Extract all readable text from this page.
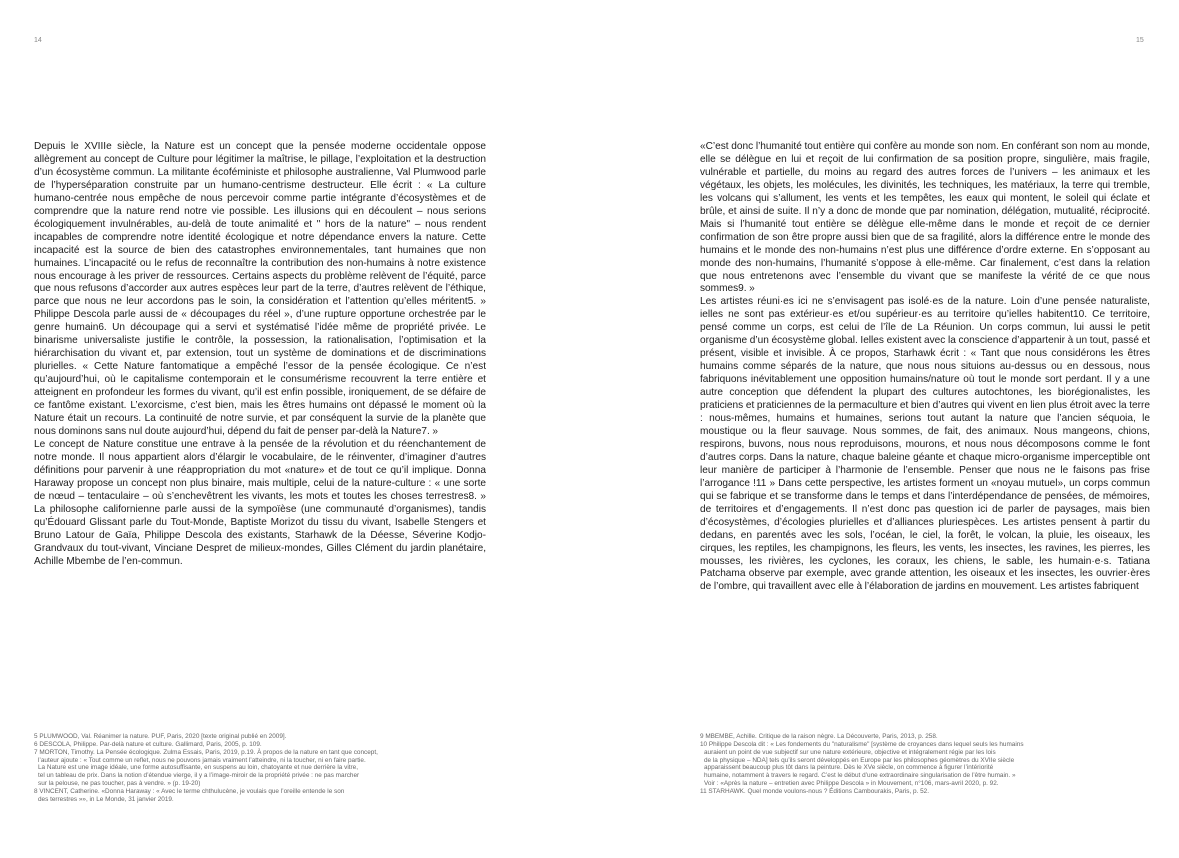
14

Depuis le XVIIIe siècle, la Nature est un concept que la pensée moderne occidentale oppose allègrement au concept de Culture pour légitimer la maîtrise, le pillage, l’exploitation et la destruction d’un écosystème commun. La militante écoféministe et philosophe australienne, Val Plumwood parle de l’hyperséparation construite par un humano-centrisme destructeur. Elle écrit : « La culture humano-centrée nous empêche de nous percevoir comme partie intégrante d’écosystèmes et de comprendre que la nature rend notre vie possible. Les illusions qui en découlent – nous serions écologiquement invulnérables, au-delà de toute animalité et " hors de la nature" – nous rendent incapables de comprendre notre identité écologique et notre dépendance envers la nature. Cette incapacité est la source de bien des catastrophes environnementales, tant humaines que non humaines. L’incapacité ou le refus de reconnaître la contribution des non-humains à notre existence nous encourage à les priver de ressources. Certains aspects du problème relèvent de l’équité, parce que nous refusons d’accorder aux autres espèces leur part de la terre, d’autres relèvent de l’éthique, parce que nous ne leur accordons pas le soin, la considération et l’attention qu’elles méritent5. » Philippe Descola parle aussi de « découpages du réel », d’une rupture opportune orchestrée par le genre humain6. Un découpage qui a servi et systématisé l’idée même de propriété privée. Le binarisme universaliste justifie le contrôle, la possession, la rationalisation, l’optimisation et la hiérarchisation du vivant et, par extension, tout un système de dominations et de discriminations plurielles. « Cette Nature fantomatique a empêché l’essor de la pensée écologique. Ce n’est qu’aujourd’hui, où le capitalisme contemporain et le consumérisme recouvrent la terre entière et atteignent en profondeur les formes du vivant, qu’il est enfin possible, ironiquement, de se défaire de ce fantôme existant. L’exorcisme, c’est bien, mais les êtres humains ont dépassé le moment où la Nature était un recours. La continuité de notre survie, et par conséquent la survie de la planète que nous dominons sans nul doute aujourd’hui, dépend du fait de penser par-delà la Nature7. »

Le concept de Nature constitue une entrave à la pensée de la révolution et du réenchantement de notre monde. Il nous appartient alors d’élargir le vocabulaire, de le réinventer, d’imaginer d’autres définitions pour parvenir à une réappropriation du mot «nature» et de tout ce qu’il implique. Donna Haraway propose un concept non plus binaire, mais multiple, celui de la nature-culture : « une sorte de nœud – tentaculaire – où s’enchevêtrent les vivants, les mots et toutes les choses terrestres8. » La philosophe californienne parle aussi de la sympoïèse (une communauté d’organismes), tandis qu’Édouard Glissant parle du Tout-Monde, Baptiste Morizot du tissu du vivant, Isabelle Stengers et Bruno Latour de Gaïa, Philippe Descola des existants, Starhawk de la Déesse, Séverine Kodjo-Grandvaux du tout-vivant, Vinciane Despret de milieux-mondes, Gilles Clément du jardin planétaire, Achille Mbembe de l’en-commun.

5 PLUMWOOD, Val. Réanimer la nature. PUF, Paris, 2020 [texte original publié en 2009].

6 DESCOLA, Philippe. Par-delà nature et culture. Gallimard, Paris, 2005, p. 109.

7 MORTON, Timothy. La Pensée écologique. Zulma Essais, Paris, 2019, p.19. À propos de la nature en tant que concept,

l’auteur ajoute : « Tout comme un reflet, nous ne pouvons jamais vraiment l’atteindre, ni la toucher, ni en faire partie.

La Nature est une image idéale, une forme autosuffisante, en suspens au loin, chatoyante et nue derrière la vitre,

tel un tableau de prix. Dans la notion d’étendue vierge, il y a l’image-miroir de la propriété privée : ne pas marcher

sur la pelouse, ne pas toucher, pas à vendre. » (p. 19-20)

8 VINCENT, Catherine. «Donna Haraway : « Avec le terme chthulucène, je voulais que l’oreille entende le son

des terrestres »», in Le Monde, 31 janvier 2019.

15

«C’est donc l’humanité tout entière qui confère au monde son nom. En conférant son nom au monde, elle se délègue en lui et reçoit de lui confirmation de sa position propre, singulière, mais fragile, vulnérable et partielle, du moins au regard des autres forces de l’univers – les animaux et les végétaux, les objets, les molécules, les divinités, les techniques, les matériaux, la terre qui tremble, les volcans qui s’allument, les vents et les tempêtes, les eaux qui montent, le soleil qui éclate et brûle, et ainsi de suite. Il n’y a donc de monde que par nomination, délégation, mutualité, réciprocité. Mais si l’humanité tout entière se délègue elle-même dans le monde et reçoit de ce dernier confirmation de son être propre aussi bien que de sa fragilité, alors la différence entre le monde des humains et le monde des non-humains n’est plus une différence d’ordre externe. En s’opposant au monde des non-humains, l’humanité s’oppose à elle-même. Car finalement, c’est dans la relation que nous entretenons avec l’ensemble du vivant que se manifeste la vérité de ce que nous sommes9. »

Les artistes réuni·es ici ne s’envisagent pas isolé·es de la nature. Loin d’une pensée naturaliste, ielles ne sont pas extérieur·es et/ou supérieur·es au territoire qu’ielles habitent10. Ce territoire, pensé comme un corps, est celui de l’île de La Réunion. Un corps commun, lui aussi le petit organisme d’un écosystème global. Ielles existent avec la conscience d’appartenir à un tout, passé et présent, visible et invisible. À ce propos, Starhawk écrit : « Tant que nous considérons les êtres humains comme séparés de la nature, que nous nous situions au-dessus ou en dessous, nous fabriquons inévitablement une opposition humains/nature où tout le monde sort perdant. Il y a une autre conception que défendent la plupart des cultures autochtones, les biorégionalistes, les praticiens et praticiennes de la permaculture et bien d’autres qui vivent en lien plus étroit avec la terre : nous-mêmes, humains et humaines, serions tout autant la nature que l’ancien séquoia, le moustique ou la fleur sauvage. Nous sommes, de fait, des animaux. Nous mangeons, chions, respirons, buvons, nous nous reproduisons, mourons, et nous nous décomposons comme le font d’autres corps. Dans la nature, chaque baleine géante et chaque micro-organisme imperceptible ont leur manière de participer à l’harmonie de l’ensemble. Penser que nous ne le faisons pas frise l’arrogance !11 » Dans cette perspective, les artistes forment un «noyau mutuel», un corps commun qui se fabrique et se transforme dans le temps et dans l’interdépendance de pensées, de mémoires, de territoires et d’engagements. Il n’est donc pas question ici de parler de paysages, mais bien d’écosystèmes, d’écologies plurielles et d’alliances pluriespèces. Les artistes pensent à partir du dedans, en parentés avec les sols, l’océan, le ciel, la forêt, le volcan, la pluie, les oiseaux, les cirques, les reptiles, les champignons, les fleurs, les vents, les insectes, les ravines, les pierres, les mousses, les rivières, les cyclones, les coraux, les chiens, le sable, les humain·e·s. Tatiana Patchama observe par exemple, avec grande attention, les oiseaux et les insectes, les ouvrier·ères de l’ombre, qui travaillent avec elle à l’élaboration de jardins en mouvement. Les artistes fabriquent

9 MBEMBE, Achille. Critique de la raison nègre. La Découverte, Paris, 2013, p. 258.

10 Philippe Descola dit : « Les fondements du "naturalisme" [système de croyances dans lequel seuls les humains

auraient un point de vue subjectif sur une nature extérieure, objective et intégralement régie par les lois

de la physique – NDA] tels qu’ils seront développés en Europe par les philosophes géomètres du XVIIe siècle

apparaissent beaucoup plus tôt dans la peinture. Dès le XVe siècle, on commence à figurer l’intériorité

humaine, notamment à travers le regard. C’est le début d’une extraordinaire singularisation de l’être humain. »

Voir : «Après la nature – entretien avec Philippe Descola » in Mouvement, n°106, mars-avril 2020, p. 92.

11 STARHAWK. Quel monde voulons-nous ? Éditions Cambourakis, Paris, p. 52.
